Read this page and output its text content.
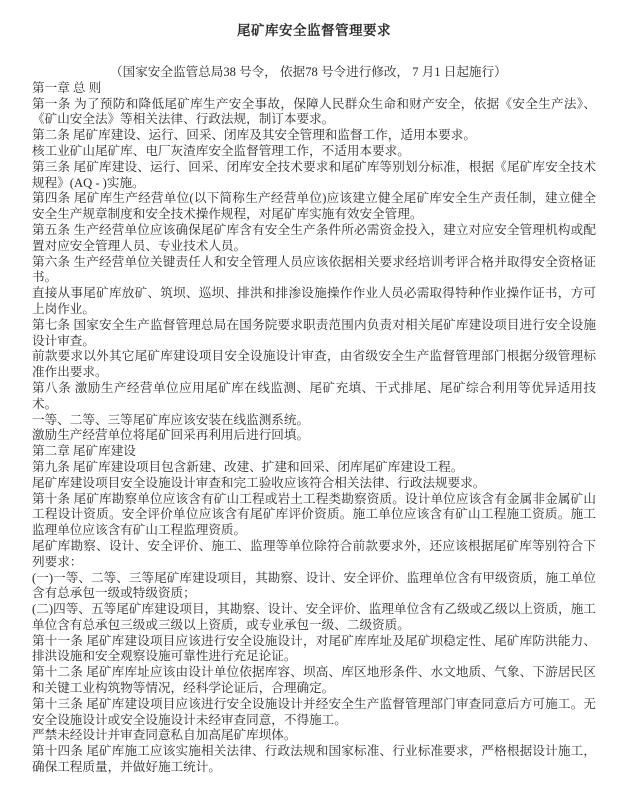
尾矿库安全监督管理要求
（国家安全监管总局38 号令， 依据78 号令进行修改， 7 月1 日起施行）
第一章 总 则
第一条 为了预防和降低尾矿库生产安全事故，保障人民群众生命和财产安全，依据《安全生产法》、《矿山安全法》等相关法律、行政法规，制订本要求。
第二条 尾矿库建设、运行、回采、闭库及其安全管理和监督工作，适用本要求。
核工业矿山尾矿库、电厂灰渣库安全监督管理工作，不适用本要求。
第三条 尾矿库建设、运行、回采、闭库安全技术要求和尾矿库等别划分标准，根据《尾矿库安全技术规程》(AQ - )实施。
第四条 尾矿库生产经营单位(以下简称生产经营单位)应该建立健全尾矿库安全生产责任制，建立健全安全生产规章制度和安全技术操作规程，对尾矿库实施有效安全管理。
第五条 生产经营单位应该确保尾矿库含有安全生产条件所必需资金投入，建立对应安全管理机构或配置对应安全管理人员、专业技术人员。
第六条 生产经营单位关键责任人和安全管理人员应该依据相关要求经培训考评合格并取得安全资格证书。
直接从事尾矿库放矿、筑坝、巡坝、排洪和排渗设施操作作业人员必需取得特种作业操作证书，方可上岗作业。
第七条 国家安全生产监督管理总局在国务院要求职责范围内负责对相关尾矿库建设项目进行安全设施设计审查。
前款要求以外其它尾矿库建设项目安全设施设计审查，由省级安全生产监督管理部门根据分级管理标准作出要求。
第八条 激励生产经营单位应用尾矿库在线监测、尾矿充填、干式排尾、尾矿综合利用等优异适用技术。
一等、二等、三等尾矿库应该安装在线监测系统。
激励生产经营单位将尾矿回采再利用后进行回填。
第二章 尾矿库建设
第九条 尾矿库建设项目包含新建、改建、扩建和回采、闭库尾矿库建设工程。
尾矿库建设项目安全设施设计审查和完工验收应该符合相关法律、行政法规要求。
第十条 尾矿库勘察单位应该含有矿山工程或岩土工程类勘察资质。设计单位应该含有金属非金属矿山工程设计资质。安全评价单位应该含有尾矿库评价资质。施工单位应该含有矿山工程施工资质。施工监理单位应该含有矿山工程监理资质。
尾矿库勘察、设计、安全评价、施工、监理等单位除符合前款要求外，还应该根据尾矿库等别符合下列要求：
(一)一等、二等、三等尾矿库建设项目，其勘察、设计、安全评价、监理单位含有甲级资质，施工单位含有总承包一级或特级资质；
(二)四等、五等尾矿库建设项目，其勘察、设计、安全评价、监理单位含有乙级或乙级以上资质，施工单位含有总承包三级或三级以上资质，或专业承包一级、二级资质。
第十一条 尾矿库建设项目应该进行安全设施设计，对尾矿库库址及尾矿坝稳定性、尾矿库防洪能力、排洪设施和安全观察设施可靠性进行充足论证。
第十二条 尾矿库库址应该由设计单位依据库容、坝高、库区地形条件、水文地质、气象、下游居民区和关键工业构筑物等情况，经科学论证后，合理确定。
第十三条 尾矿库建设项目应该进行安全设施设计并经安全生产监督管理部门审查同意后方可施工。无安全设施设计或安全设施设计未经审查同意，不得施工。
严禁未经设计并审查同意私自加高尾矿库坝体。
第十四条 尾矿库施工应该实施相关法律、行政法规和国家标准、行业标准要求，严格根据设计施工，确保工程质量，并做好施工统计。
